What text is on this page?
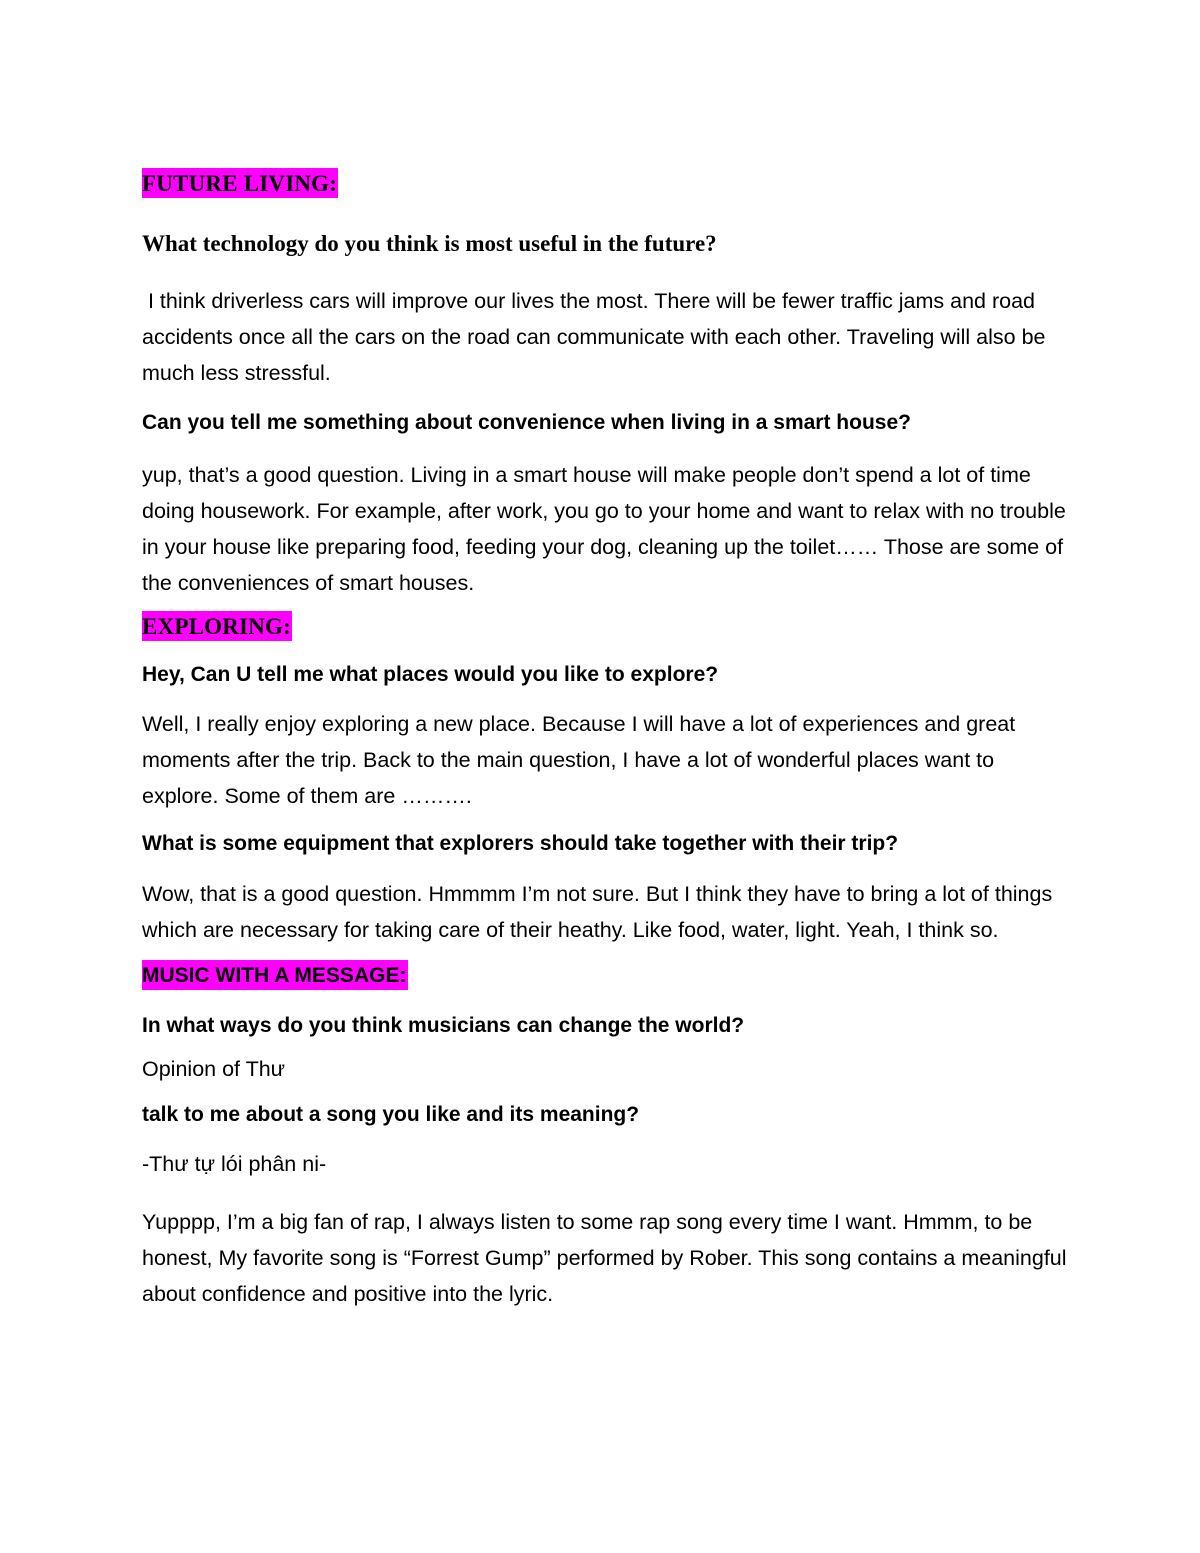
FUTURE LIVING:

What technology do you think is most useful in the future?

I think driverless cars will improve our lives the most. There will be fewer traffic jams and road accidents once all the cars on the road can communicate with each other. Traveling will also be much less stressful.

Can you tell me something about convenience when living in a smart house?

yup, that’s a good question. Living in a smart house will make people don’t spend a lot of time doing housework. For example, after work, you go to your home and want to relax with no trouble in your house like preparing food, feeding your dog, cleaning up the toilet…… Those are some of the conveniences of smart houses.

EXPLORING:

Hey, Can U tell me what places would you like to explore?

Well, I really enjoy exploring a new place. Because I will have a lot of experiences and great moments after the trip. Back to the main question, I have a lot of wonderful places want to explore. Some of them are ……….

What is some equipment that explorers should take together with their trip?

Wow, that is a good question. Hmmmm I’m not sure. But I think they have to bring a lot of things which are necessary for taking care of their heathy. Like food, water, light. Yeah, I think so.

MUSIC WITH A MESSAGE:

In what ways do you think musicians can change the world?

Opinion of Thư

talk to me about a song you like and its meaning?

-Thư tự lói phân ni-

Yupppp, I’m a big fan of rap, I always listen to some rap song every time I want. Hmmm, to be honest, My favorite song is “Forrest Gump” performed by Rober. This song contains a meaningful about confidence and positive into the lyric.
